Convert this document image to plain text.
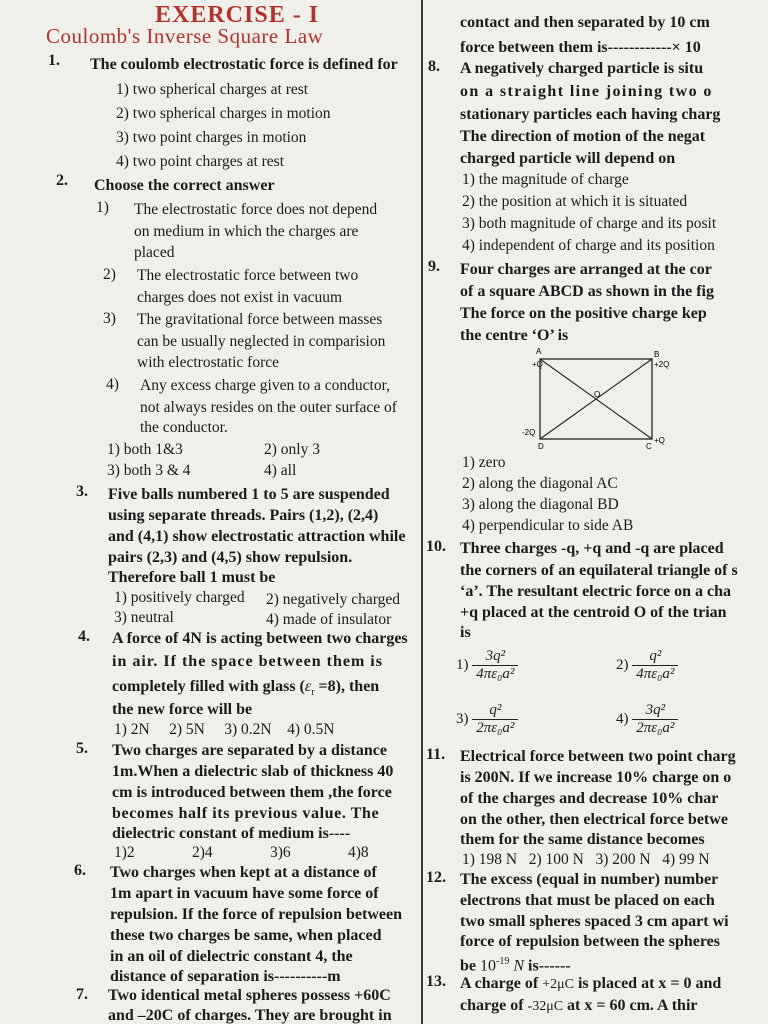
EXERCISE - I
Coulomb's Inverse Square Law
1. The coulomb electrostatic force is defined for
1) two spherical charges at rest
2) two spherical charges in motion
3) two point charges in motion
4) two point charges at rest
2. Choose the correct answer
1) The electrostatic force does not depend
on medium in which the charges are
placed
2) The electrostatic force between two
charges does not exist in vacuum
3) The gravitational force between masses
can be usually neglected in comparision
with electrostatic force
4) Any excess charge given to a conductor,
not always resides on the outer surface of
the conductor.
1) both 1&3	2) only 3
3) both 3 & 4	4) all
3. Five balls numbered 1 to 5 are suspended
using separate threads. Pairs (1,2), (2,4)
and (4,1) show electrostatic attraction while
pairs (2,3) and (4,5) show repulsion.
Therefore ball 1 must be
1) positively charged 2) negatively charged
3) neutral	4) made of insulator
4. A force of 4N is acting between two charges
in air. If the space between them is
completely filled with glass $(\varepsilon_r =8)$, then
the new force will be
1) 2N     2) 5N     3) 0.2N    4) 0.5N
5. Two charges are separated by a distance
1m.When a dielectric slab of thickness 40
cm is introduced between them ,the force
becomes half its previous value. The
dielectric constant of medium is----
1)2	2)4	3)6	4)8
6. Two charges when kept at a distance of
1m apart in vacuum have some force of
repulsion. If the force of repulsion between
these two charges be same, when placed
in an oil of dielectric constant 4, the
distance of separation is----------m
7. Two identical metal spheres possess +60C
and –20C of charges. They are brought in
contact and then separated by 10 cm
force between them is------------× 10
8. A negatively charged particle is situ
on a straight line joining two o
stationary particles each having charg
The direction of motion of the negat
charged particle will depend on
1) the magnitude of charge
2) the position at which it is situated
3) both magnitude of charge and its posit
4) independent of charge and its position
9. Four charges are arranged at the cor
of a square ABCD as shown in the fig
The force on the positive charge kep
the centre ‘O’ is
A
+Q
B
+2Q
-2Q
D
+Q
C
O
1) zero
2) along the diagonal AC
3) along the diagonal BD
4) perpendicular to side AB
10. Three charges -q, +q and -q are placed
the corners of an equilateral triangle of s
‘a’. The resultant electric force on a cha
+q placed at the centroid O of the trian
is
$1) \frac{\text{3q²}}{\text{4πε₀a²}}$	$2) \frac{\text{q²}}{\text{4πε₀a²}}$
$3) \frac{\text{q²}}{\text{2πε₀a²}}$	$4) \frac{\text{3q²}}{\text{2πε₀a²}}$
11. Electrical force between two point charg
is 200N. If we increase 10% charge on o
of the charges and decrease 10% char
on the other, then electrical force betwe
them for the same distance becomes
1) 198 N   2) 100 N   3) 200 N   4) 99 N
12. The excess (equal in number) number
electrons that must be placed on each
two small spheres spaced 3 cm apart wi
force of repulsion between the spheres
be $10^{-19}$ N is------
13. A charge of +2μC is placed at x = 0 and
charge of -32μC at x = 60 cm. A thir
